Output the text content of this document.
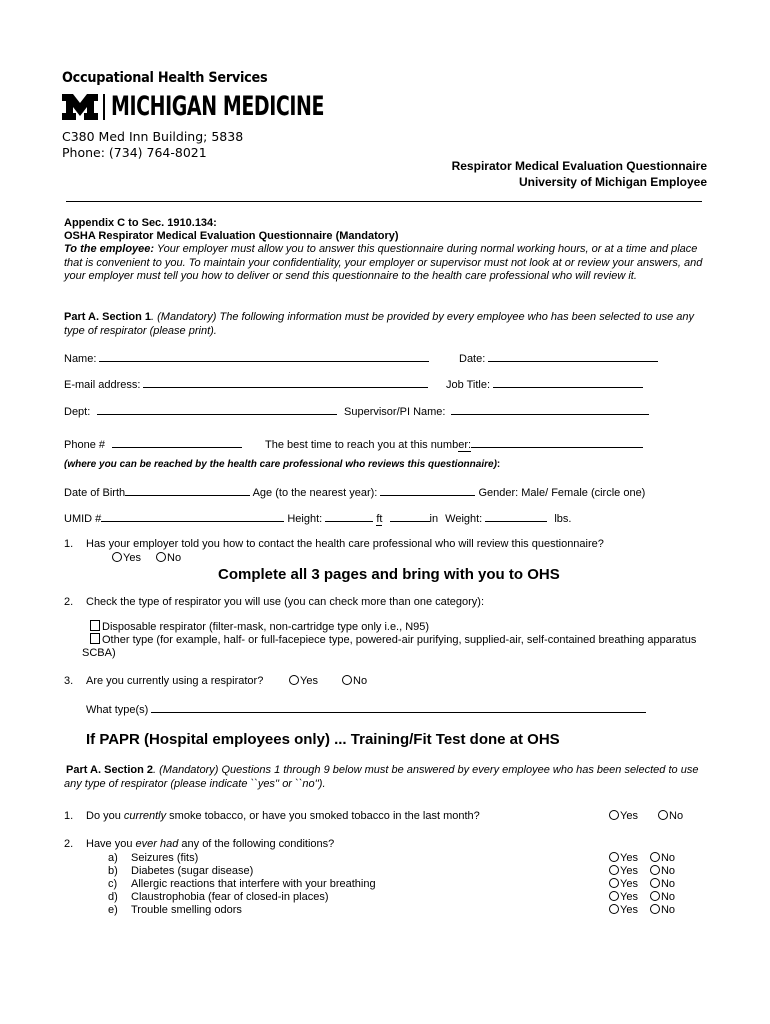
Occupational Health Services
MICHIGAN MEDICINE
C380 Med Inn Building; 5838
Phone: (734) 764-8021
Respirator Medical Evaluation Questionnaire
University of Michigan Employee
Appendix C to Sec. 1910.134:
OSHA Respirator Medical Evaluation Questionnaire (Mandatory)
To the employee: Your employer must allow you to answer this questionnaire during normal working hours, or at a time and place that is convenient to you. To maintain your confidentiality, your employer or supervisor must not look at or review your answers, and your employer must tell you how to deliver or send this questionnaire to the health care professional who will review it.
Part A. Section 1. (Mandatory) The following information must be provided by every employee who has been selected to use any type of respirator (please print).
Name:	Date:
E-mail address:	Job Title:
Dept:	Supervisor/PI Name:
Phone #	The best time to reach you at this number:
(where you can be reached by the health care professional who reviews this questionnaire):
Date of Birth	Age (to the nearest year):	Gender: Male/ Female (circle one)
UMID #	Height:	ft	in Weight:	lbs.
1. Has your employer told you how to contact the health care professional who will review this questionnaire?
Yes No
Complete all 3 pages and bring with you to OHS
2. Check the type of respirator you will use (you can check more than one category):
Disposable respirator (filter-mask, non-cartridge type only i.e., N95)
Other type (for example, half- or full-facepiece type, powered-air purifying, supplied-air, self-contained breathing apparatus
SCBA)
3. Are you currently using a respirator?	Yes	No
What type(s)
If PAPR (Hospital employees only) ... Training/Fit Test done at OHS
Part A. Section 2. (Mandatory) Questions 1 through 9 below must be answered by every employee who has been selected to use any type of respirator (please indicate ``yes'' or ``no'').
1. Do you currently smoke tobacco, or have you smoked tobacco in the last month?	Yes	No
2. Have you ever had any of the following conditions?
a) Seizures (fits)	Yes No
b) Diabetes (sugar disease)	Yes No
c) Allergic reactions that interfere with your breathing	Yes No
d) Claustrophobia (fear of closed-in places)	Yes No
e) Trouble smelling odors	Yes No
